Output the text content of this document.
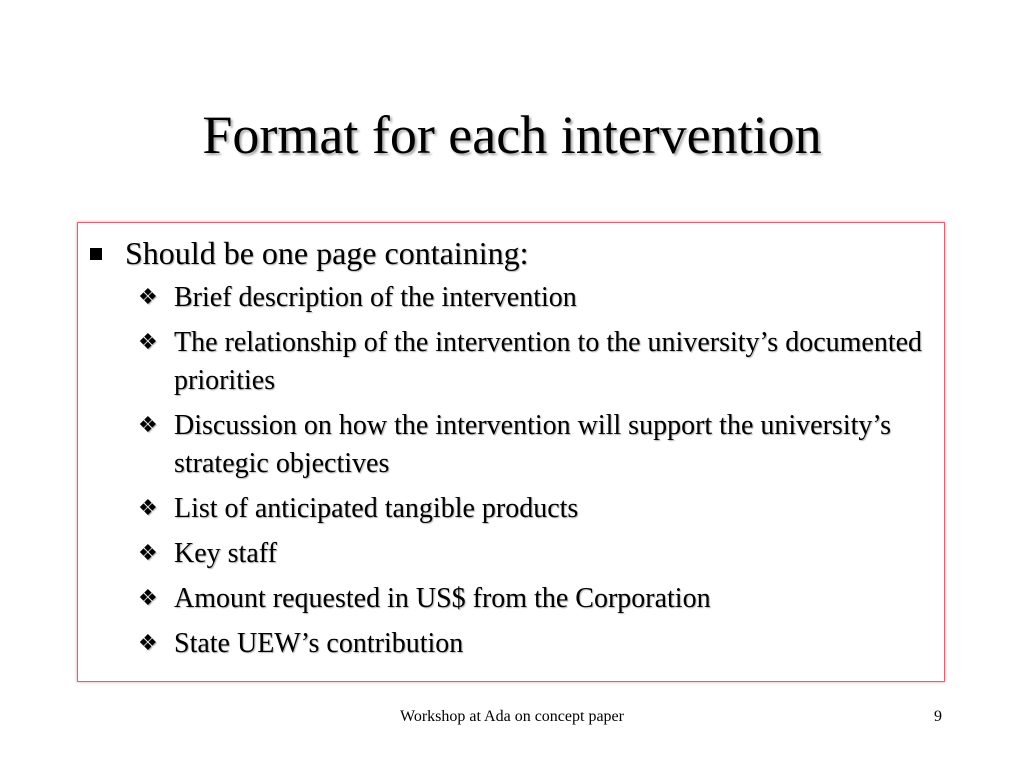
Format for each intervention
Should be one page containing:
❖ Brief description of the intervention
❖ The relationship of the intervention to the university’s documented priorities
❖ Discussion on how the intervention will support the university’s strategic objectives
❖ List of anticipated tangible products
❖ Key staff
❖ Amount requested in US$ from the Corporation
❖ State UEW’s contribution
Workshop at Ada on concept paper	9
